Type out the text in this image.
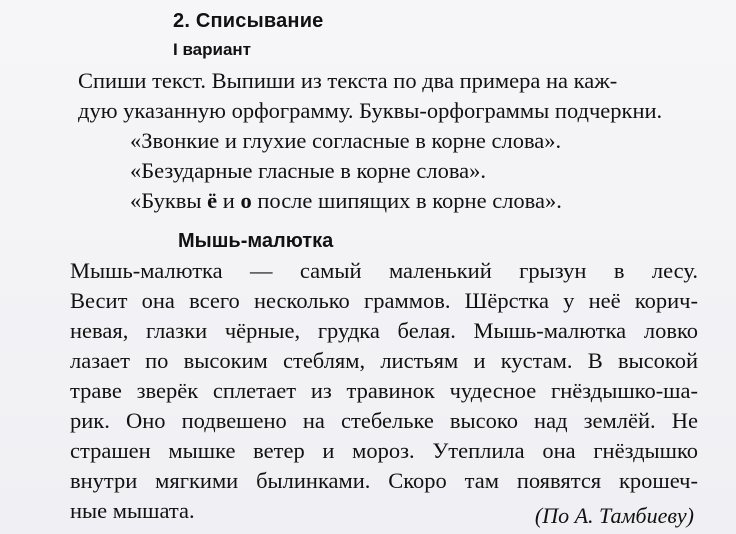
2. Списывание
I вариант

Спиши текст. Выпиши из текста по два примера на каж-

дую указанную орфограмму. Буквы-орфограммы подчеркни.

«Звонкие и глухие согласные в корне слова».

«Безударные гласные в корне слова».

«Буквы ё и о после шипящих в корне слова».

Мышь-малютка
Мышь-малютка — самый маленький грызун в лесу.
Весит она всего несколько граммов. Шёрстка у неё корич-
невая, глазки чёрные, грудка белая. Мышь-малютка ловко
лазает по высоким стеблям, листьям и кустам. В высокой
траве зверёк сплетает из травинок чудесное гнёздышко-ша-
рик. Оно подвешено на стебельке высоко над землёй. Не
страшен мышке ветер и мороз. Утеплила она гнёздышко
внутри мягкими былинками. Скоро там появятся крошеч-
ные мышата.	(По А. Тамбиеву)
